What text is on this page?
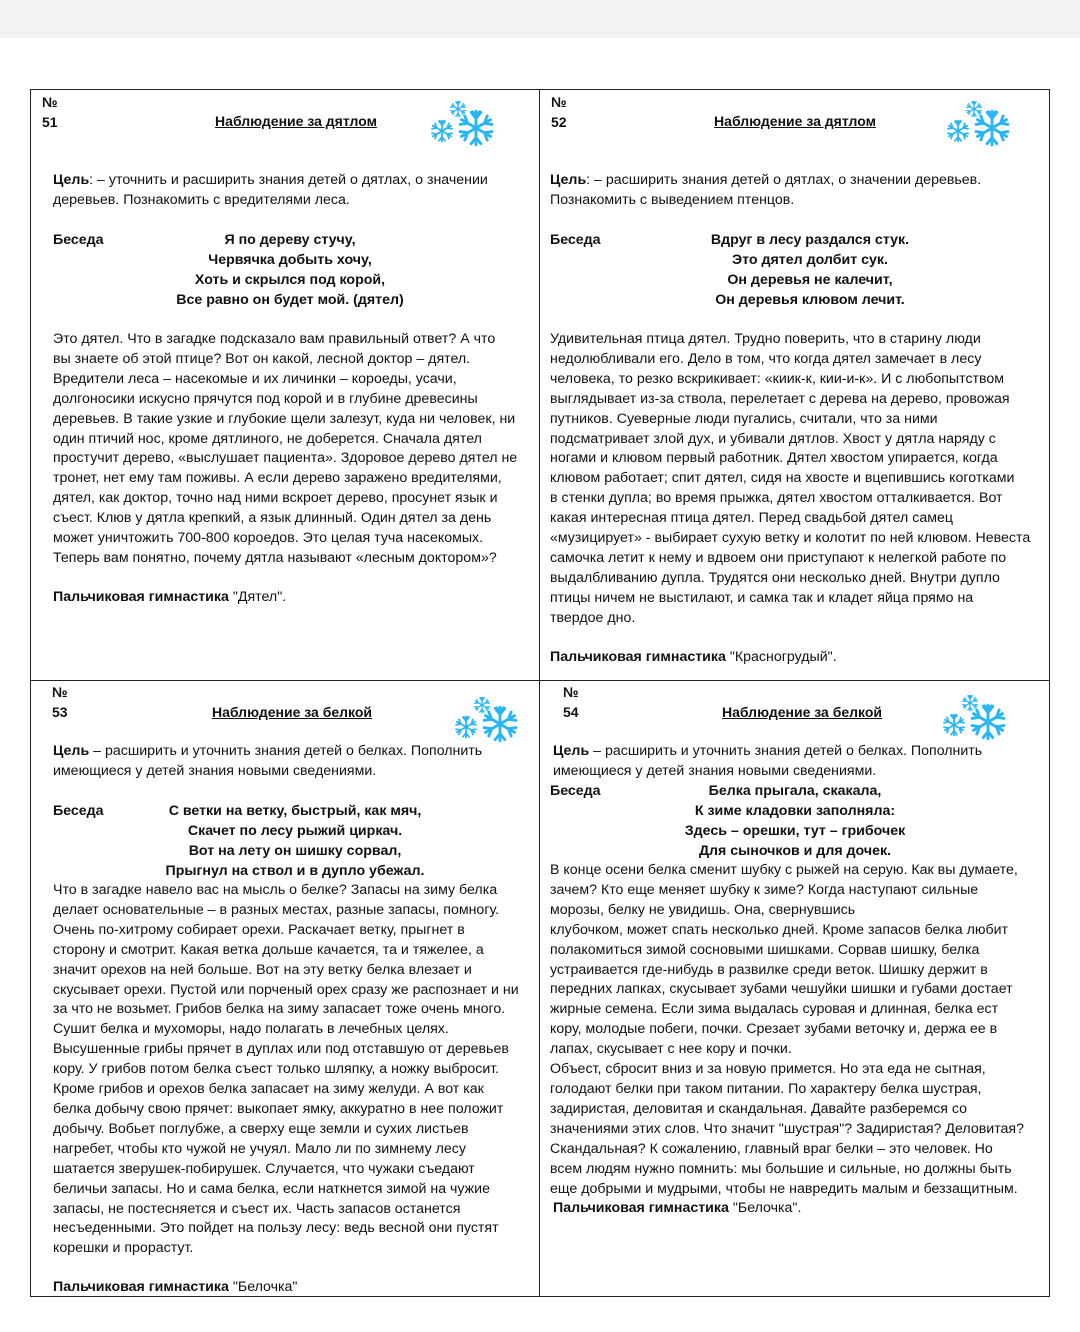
№ 51	Наблюдение за дятлом
Цель: – уточнить и расширить знания детей о дятлах, о значении
деревьев. Познакомить с вредителями леса.
Беседа	Я по дереву стучу,
Червячка добыть хочу,
Хоть и скрылся под корой,
Все равно он будет мой. (дятел)
Это дятел. Что в загадке подсказало вам правильный ответ? А что
вы знаете об этой птице? Вот он какой, лесной доктор – дятел.
Вредители леса – насекомые и их личинки – короеды, усачи,
долгоносики искусно прячутся под корой и в глубине древесины
деревьев. В такие узкие и глубокие щели залезут, куда ни человек, ни
один птичий нос, кроме дятлиного, не доберется. Сначала дятел
простучит дерево, «выслушает пациента». Здоровое дерево дятел не
тронет, нет ему там поживы. А если дерево заражено вредителями,
дятел, как доктор, точно над ними вскроет дерево, просунет язык и
съест. Клюв у дятла крепкий, а язык длинный. Один дятел за день
может уничтожить 700-800 короедов. Это целая туча насекомых.
Теперь вам понятно, почему дятла называют «лесным доктором»?
Пальчиковая гимнастика "Дятел".
№ 52	Наблюдение за дятлом
Цель: – расширить знания детей о дятлах, о значении деревьев.
Познакомить с выведением птенцов.
Беседа	Вдруг в лесу раздался стук.
Это дятел долбит сук.
Он деревья не калечит,
Он деревья клювом лечит.
Удивительная птица дятел. Трудно поверить, что в старину люди
недолюбливали его. Дело в том, что когда дятел замечает в лесу
человека, то резко вскрикивает: «киик-к, кии-и-к». И с любопытством
выглядывает из-за ствола, перелетает с дерева на дерево, провожая
путников. Суеверные люди пугались, считали, что за ними
подсматривает злой дух, и убивали дятлов. Хвост у дятла наряду с
ногами и клювом первый работник. Дятел хвостом упирается, когда
клювом работает; спит дятел, сидя на хвосте и вцепившись коготками
в стенки дупла; во время прыжка, дятел хвостом отталкивается. Вот
какая интересная птица дятел. Перед свадьбой дятел самец
«музицирует» - выбирает сухую ветку и колотит по ней клювом. Невеста
самочка летит к нему и вдвоем они приступают к нелегкой работе по
выдалбливанию дупла. Трудятся они несколько дней. Внутри дупло
птицы ничем не выстилают, и самка так и кладет яйца прямо на
твердое дно.
Пальчиковая гимнастика "Красногрудый".
№ 53	Наблюдение за белкой
Цель – расширить и уточнить знания детей о белках. Пополнить
имеющиеся у детей знания новыми сведениями.
Беседа	С ветки на ветку, быстрый, как мяч,
Скачет по лесу рыжий циркач.
Вот на лету он шишку сорвал,
Прыгнул на ствол и в дупло убежал.
Что в загадке навело вас на мысль о белке? Запасы на зиму белка
делает основательные – в разных местах, разные запасы, помногу.
Очень по-хитрому собирает орехи. Раскачает ветку, прыгнет в
сторону и смотрит. Какая ветка дольше качается, та и тяжелее, а
значит орехов на ней больше. Вот на эту ветку белка влезает и
скусывает орехи. Пустой или порченый орех сразу же распознает и ни
за что не возьмет. Грибов белка на зиму запасает тоже очень много.
Сушит белка и мухоморы, надо полагать в лечебных целях.
Высушенные грибы прячет в дуплах или под отставшую от деревьев
кору. У грибов потом белка съест только шляпку, а ножку выбросит.
Кроме грибов и орехов белка запасает на зиму желуди. А вот как
белка добычу свою прячет: выкопает ямку, аккуратно в нее положит
добычу. Вобьет поглубже, а сверху еще земли и сухих листьев
нагребет, чтобы кто чужой не учуял. Мало ли по зимнему лесу
шатается зверушек-побирушек. Случается, что чужаки съедают
беличьи запасы. Но и сама белка, если наткнется зимой на чужие
запасы, не постесняется и съест их. Часть запасов останется
несъеденными. Это пойдет на пользу лесу: ведь весной они пустят
корешки и прорастут.
Пальчиковая гимнастика "Белочка"
№ 54	Наблюдение за белкой
Цель – расширить и уточнить знания детей о белках. Пополнить
имеющиеся у детей знания новыми сведениями.
Беседа	Белка прыгала, скакала,
К зиме кладовки заполняла:
Здесь – орешки, тут – грибочек
Для сыночков и для дочек.
В конце осени белка сменит шубку с рыжей на серую. Как вы думаете,
зачем? Кто еще меняет шубку к зиме? Когда наступают сильные
морозы, белку не увидишь. Она, свернувшись
клубочком, может спать несколько дней. Кроме запасов белка любит
полакомиться зимой сосновыми шишками. Сорвав шишку, белка
устраивается где-нибудь в развилке среди веток. Шишку держит в
передних лапках, скусывает зубами чешуйки шишки и губами достает
жирные семена. Если зима выдалась суровая и длинная, белка ест
кору, молодые побеги, почки. Срезает зубами веточку и, держа ее в
лапах, скусывает с нее кору и почки.
Объест, сбросит вниз и за новую примется. Но эта еда не сытная,
голодают белки при таком питании. По характеру белка шустрая,
задиристая, деловитая и скандальная. Давайте разберемся со
значениями этих слов. Что значит "шустрая"? Задиристая? Деловитая?
Скандальная? К сожалению, главный враг белки – это человек. Но
всем людям нужно помнить: мы большие и сильные, но должны быть
еще добрыми и мудрыми, чтобы не навредить малым и беззащитным.
Пальчиковая гимнастика "Белочка".
